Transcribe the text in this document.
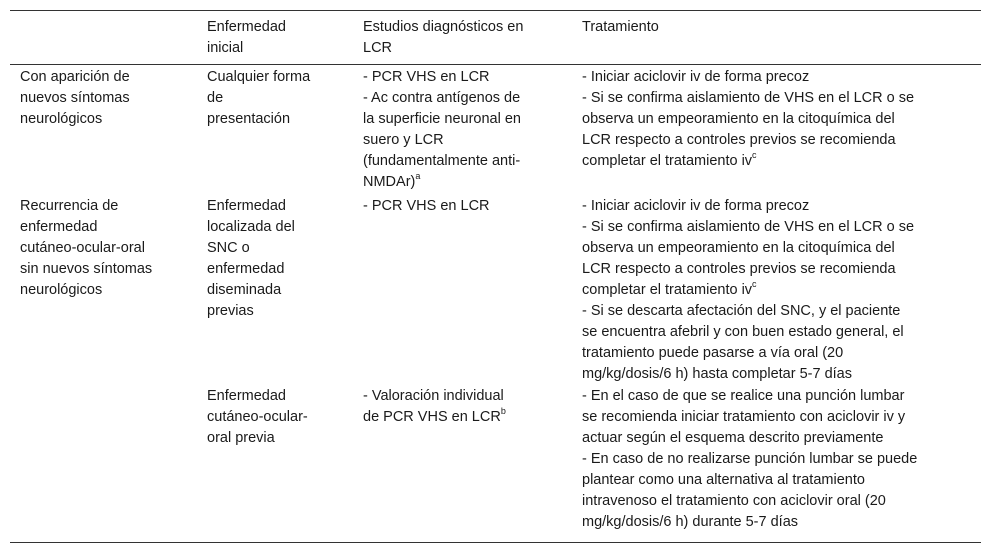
Enfermedad
inicial
Estudios diagnósticos en
LCR
Tratamiento
Con aparición de
nuevos síntomas
neurológicos
Cualquier forma
de
presentación
- PCR VHS en LCR
- Ac contra antígenos de
la superficie neuronal en
suero y LCR
(fundamentalmente anti-
NMDAr)$^a$
- Iniciar aciclovir iv de forma precoz
- Si se confirma aislamiento de VHS en el LCR o se
observa un empeoramiento en la citoquímica del
LCR respecto a controles previos se recomienda
completar el tratamiento $iv^c$
Recurrencia de
enfermedad
cutáneo-ocular-oral
sin nuevos síntomas
neurológicos
Enfermedad
localizada del
SNC o
enfermedad
diseminada
previas
- PCR VHS en LCR	- Iniciar aciclovir iv de forma precoz
- Si se confirma aislamiento de VHS en el LCR o se
observa un empeoramiento en la citoquímica del
LCR respecto a controles previos se recomienda
completar el tratamiento $iv^c$
- Si se descarta afectación del SNC, y el paciente
se encuentra afebril y con buen estado general, el
tratamiento puede pasarse a vía oral (20
mg/kg/dosis/6 h) hasta completar 5-7 días
Enfermedad
cutáneo-ocular-
oral previa
- Valoración individual
de PCR VHS en LCR$^b$
- En el caso de que se realice una punción lumbar
se recomienda iniciar tratamiento con aciclovir iv y
actuar según el esquema descrito previamente
- En caso de no realizarse punción lumbar se puede
plantear como una alternativa al tratamiento
intravenoso el tratamiento con aciclovir oral (20
mg/kg/dosis/6 h) durante 5-7 días
